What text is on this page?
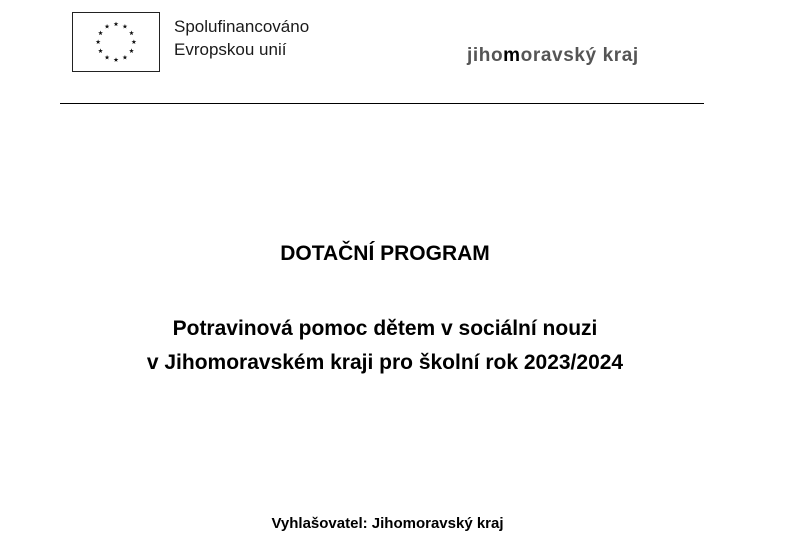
Spolufinancováno
Evropskou unií	jihomoravský kraj
DOTAČNÍ PROGRAM
Potravinová pomoc dětem v sociální nouzi
v Jihomoravském kraji pro školní rok 2023/2024
Vyhlašovatel: Jihomoravský kraj
